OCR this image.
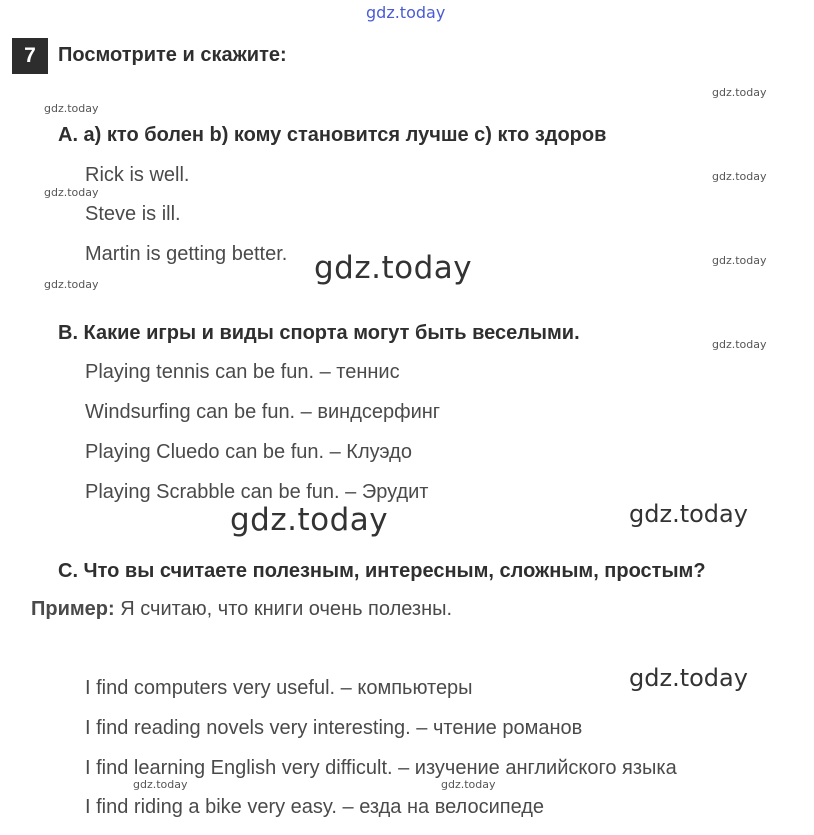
gdz.today
gdz.today
gdz.today
gdz.today
gdz.today
gdz.today
gdz.today
gdz.today
gdz.today	gdz.today
gdz.today
gdz.today	gdz.today
gdz.today
7	Посмотрите и скажите:
A. a) кто болен b) кому становится лучше c) кто здоров
Rick is well.
Steve is ill.
Martin is getting better.
B. Какие игры и виды спорта могут быть веселыми.
Playing tennis can be fun. – теннис
Windsurfing can be fun. – виндсерфинг
Playing Cluedo can be fun. – Клуэдо
Playing Scrabble can be fun. – Эрудит
C. Что вы считаете полезным, интересным, сложным, простым?
Пример: Я считаю, что книги очень полезны.
I find computers very useful. – компьютеры
I find reading novels very interesting. – чтение романов
I find learning English very difficult. – изучение английского языка
I find riding a bike very easy. – езда на велосипеде
